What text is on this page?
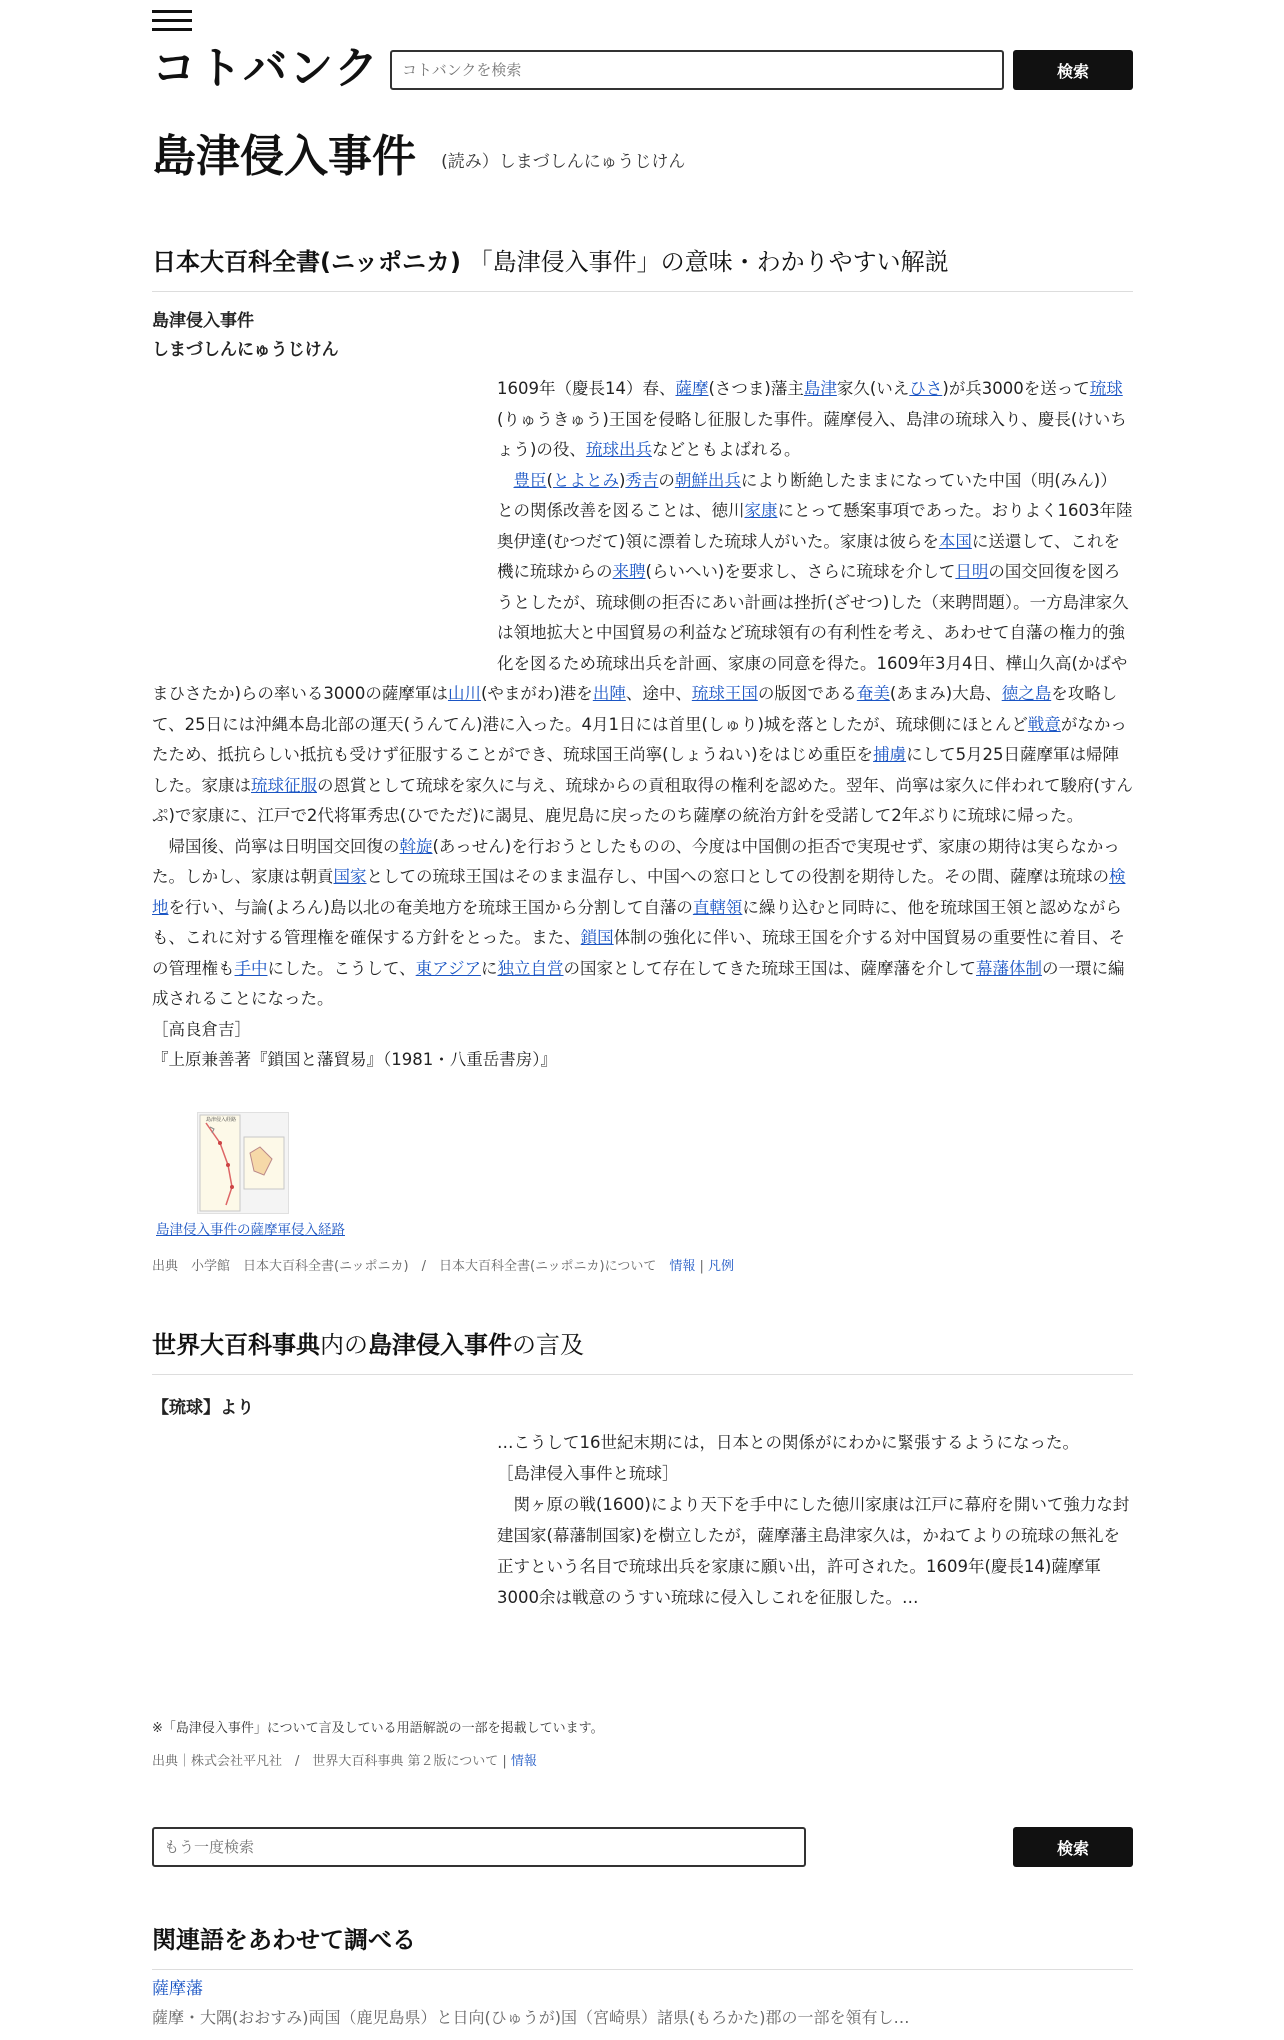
コトバンク
コトバンクを検索	検索
島津侵入事件 (読み）しまづしんにゅうじけん
日本大百科全書(ニッポニカ) 「島津侵入事件」の意味・わかりやすい解説
島津侵入事件
しまづしんにゅうじけん

1609年（慶長14）春、薩摩(さつま)藩主島津家久(いえひさ)が兵3000を送って琉球(りゅうきゅう)王国を侵略し征服した事件。薩摩侵入、島津の琉球入り、慶長(けいちょう)の役、琉球出兵などともよばれる。

　豊臣(とよとみ)秀吉の朝鮮出兵により断絶したままになっていた中国（明(みん)）との関係改善を図ることは、徳川家康にとって懸案事項であった。おりよく1603年陸奥伊達(むつだて)領に漂着した琉球人がいた。家康は彼らを本国に送還して、これを機に琉球からの来聘(らいへい)を要求し、さらに琉球を介して日明の国交回復を図ろうとしたが、琉球側の拒否にあい計画は挫折(ざせつ)した（来聘問題）。一方島津家久は領地拡大と中国貿易の利益など琉球領有の有利性を考え、あわせて自藩の権力的強化を図るため琉球出兵を計画、家康の同意を得た。1609年3月4日、樺山久高(かばやまひさたか)らの率いる3000の薩摩軍は山川(やまがわ)港を出陣、途中、琉球王国の版図である奄美(あまみ)大島、徳之島を攻略して、25日には沖縄本島北部の運天(うんてん)港に入った。4月1日には首里(しゅり)城を落としたが、琉球側にほとんど戦意がなかったため、抵抗らしい抵抗も受けず征服することができ、琉球国王尚寧(しょうねい)をはじめ重臣を捕虜にして5月25日薩摩軍は帰陣した。家康は琉球征服の恩賞として琉球を家久に与え、琉球からの貢租取得の権利を認めた。翌年、尚寧は家久に伴われて駿府(すんぷ)で家康に、江戸で2代将軍秀忠(ひでただ)に謁見、鹿児島に戻ったのち薩摩の統治方針を受諾して2年ぶりに琉球に帰った。

　帰国後、尚寧は日明国交回復の斡旋(あっせん)を行おうとしたものの、今度は中国側の拒否で実現せず、家康の期待は実らなかった。しかし、家康は朝貢国家としての琉球王国はそのまま温存し、中国への窓口としての役割を期待した。その間、薩摩は琉球の検地を行い、与論(よろん)島以北の奄美地方を琉球王国から分割して自藩の直轄領に繰り込むと同時に、他を琉球国王領と認めながらも、これに対する管理権を確保する方針をとった。また、鎖国体制の強化に伴い、琉球王国を介する対中国貿易の重要性に着目、その管理権も手中にした。こうして、東アジアに独立自営の国家として存在してきた琉球王国は、薩摩藩を介して幕藩体制の一環に編成されることになった。

［高良倉吉］

『上原兼善著『鎖国と藩貿易』（1981・八重岳書房）』

島津侵入経路
島津侵入事件の薩摩軍侵入経路
出典　小学館　日本大百科全書(ニッポニカ)　/　日本大百科全書(ニッポニカ)について　情報 | 凡例
世界大百科事典内の島津侵入事件の言及
【琉球】より

…こうして16世紀末期には，日本との関係がにわかに緊張するようになった。

［島津侵入事件と琉球］

　関ヶ原の戦(1600)により天下を手中にした徳川家康は江戸に幕府を開いて強力な封建国家(幕藩制国家)を樹立したが，薩摩藩主島津家久は，かねてよりの琉球の無礼を正すという名目で琉球出兵を家康に願い出，許可された。1609年(慶長14)薩摩軍3000余は戦意のうすい琉球に侵入しこれを征服した。…

※「島津侵入事件」について言及している用語解説の一部を掲載しています。
出典｜株式会社平凡社　/　世界大百科事典 第２版について | 情報
もう一度検索
検索
関連語をあわせて調べる
薩摩藩
薩摩・大隅(おおすみ)両国（鹿児島県）と日向(ひゅうが)国（宮崎県）諸県(もろかた)郡の一部を領有し…
